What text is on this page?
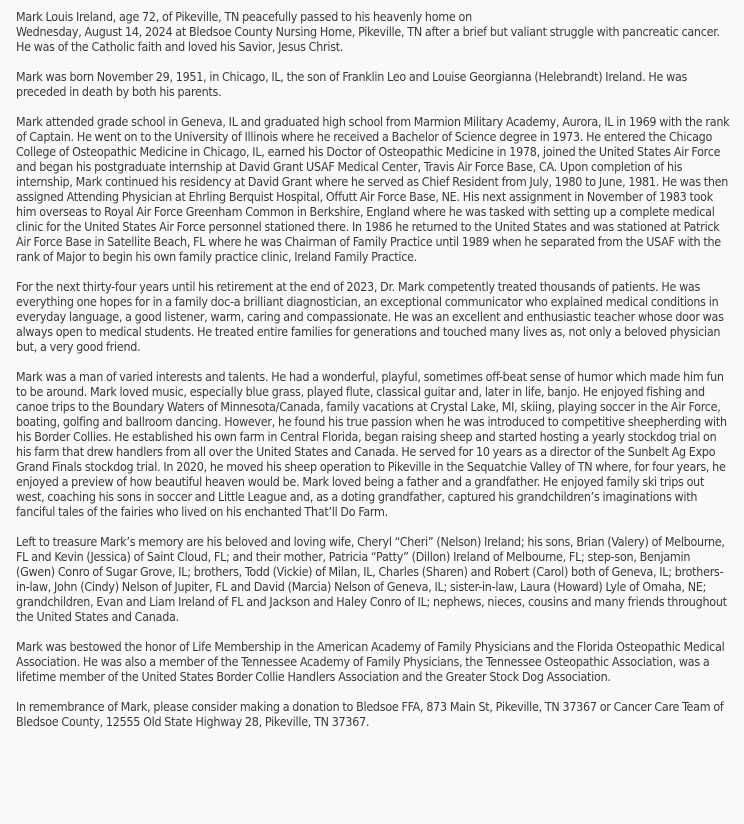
Mark Louis Ireland, age 72, of Pikeville, TN peacefully passed to his heavenly home on
Wednesday, August 14, 2024 at Bledsoe County Nursing Home, Pikeville, TN after a brief but valiant struggle with pancreatic cancer. He was of the Catholic faith and loved his Savior, Jesus Christ.

Mark was born November 29, 1951, in Chicago, IL, the son of Franklin Leo and Louise Georgianna (Helebrandt) Ireland. He was preceded in death by both his parents.

Mark attended grade school in Geneva, IL and graduated high school from Marmion Military Academy, Aurora, IL in 1969 with the rank of Captain. He went on to the University of Illinois where he received a Bachelor of Science degree in 1973. He entered the Chicago College of Osteopathic Medicine in Chicago, IL, earned his Doctor of Osteopathic Medicine in 1978, joined the United States Air Force and began his postgraduate internship at David Grant USAF Medical Center, Travis Air Force Base, CA. Upon completion of his internship, Mark continued his residency at David Grant where he served as Chief Resident from July, 1980 to June, 1981. He was then assigned Attending Physician at Ehrling Berquist Hospital, Offutt Air Force Base, NE. His next assignment in November of 1983 took him overseas to Royal Air Force Greenham Common in Berkshire, England where he was tasked with setting up a complete medical clinic for the United States Air Force personnel stationed there. In 1986 he returned to the United States and was stationed at Patrick Air Force Base in Satellite Beach, FL where he was Chairman of Family Practice until 1989 when he separated from the USAF with the rank of Major to begin his own family practice clinic, Ireland Family Practice.

For the next thirty-four years until his retirement at the end of 2023, Dr. Mark competently treated thousands of patients. He was everything one hopes for in a family doc-a brilliant diagnostician, an exceptional communicator who explained medical conditions in everyday language, a good listener, warm, caring and compassionate. He was an excellent and enthusiastic teacher whose door was always open to medical students. He treated entire families for generations and touched many lives as, not only a beloved physician but, a very good friend.

Mark was a man of varied interests and talents. He had a wonderful, playful, sometimes off-beat sense of humor which made him fun to be around. Mark loved music, especially blue grass, played flute, classical guitar and, later in life, banjo. He enjoyed fishing and canoe trips to the Boundary Waters of Minnesota/Canada, family vacations at Crystal Lake, MI, skiing, playing soccer in the Air Force, boating, golfing and ballroom dancing. However, he found his true passion when he was introduced to competitive sheepherding with his Border Collies. He established his own farm in Central Florida, began raising sheep and started hosting a yearly stockdog trial on his farm that drew handlers from all over the United States and Canada. He served for 10 years as a director of the Sunbelt Ag Expo Grand Finals stockdog trial. In 2020, he moved his sheep operation to Pikeville in the Sequatchie Valley of TN where, for four years, he enjoyed a preview of how beautiful heaven would be. Mark loved being a father and a grandfather. He enjoyed family ski trips out west, coaching his sons in soccer and Little League and, as a doting grandfather, captured his grandchildren’s imaginations with fanciful tales of the fairies who lived on his enchanted That’ll Do Farm.

Left to treasure Mark’s memory are his beloved and loving wife, Cheryl “Cheri” (Nelson) Ireland; his sons, Brian (Valery) of Melbourne, FL and Kevin (Jessica) of Saint Cloud, FL; and their mother, Patricia “Patty” (Dillon) Ireland of Melbourne, FL; step-son, Benjamin (Gwen) Conro of Sugar Grove, IL; brothers, Todd (Vickie) of Milan, IL, Charles (Sharen) and Robert (Carol) both of Geneva, IL; brothers-in-law, John (Cindy) Nelson of Jupiter, FL and David (Marcia) Nelson of Geneva, IL; sister-in-law, Laura (Howard) Lyle of Omaha, NE; grandchildren, Evan and Liam Ireland of FL and Jackson and Haley Conro of IL; nephews, nieces, cousins and many friends throughout the United States and Canada.

Mark was bestowed the honor of Life Membership in the American Academy of Family Physicians and the Florida Osteopathic Medical Association. He was also a member of the Tennessee Academy of Family Physicians, the Tennessee Osteopathic Association, was a lifetime member of the United States Border Collie Handlers Association and the Greater Stock Dog Association.

In remembrance of Mark, please consider making a donation to Bledsoe FFA, 873 Main St, Pikeville, TN 37367 or Cancer Care Team of Bledsoe County, 12555 Old State Highway 28, Pikeville, TN 37367.
